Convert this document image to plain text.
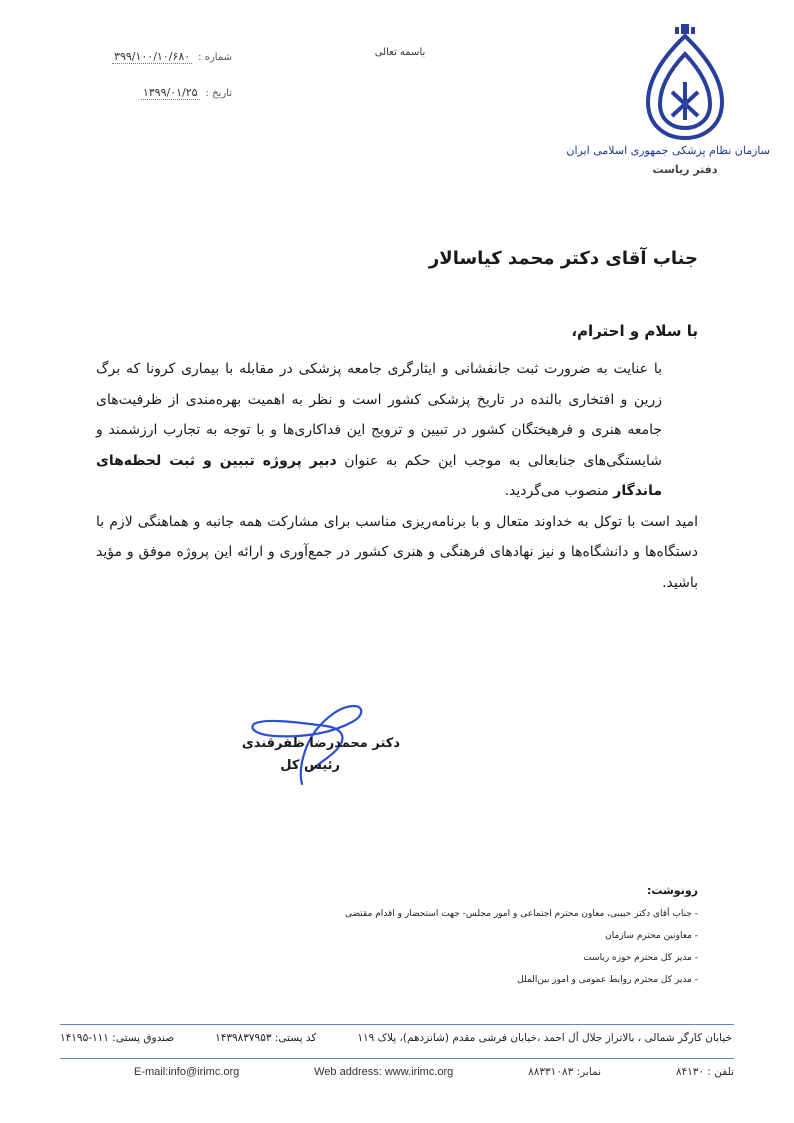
سازمان نظام پزشکی جمهوری اسلامی ایران
دفتر ریاست
باسمه تعالی
شماره :
۳۹۹/۱۰۰/۱۰/۶۸۰
تاریخ :
۱۳۹۹/۰۱/۲۵
جناب آقای دکتر محمد کیاسالار
با سلام و احترام،

با عنایت به ضرورت ثبت جانفشانی و ایثارگری جامعه پزشکی در مقابله با بیماری کرونا که برگ زرین و افتخاری بالنده در تاریخ پزشکی کشور است و نظر به اهمیت بهره‌مندی از ظرفیت‌های جامعه هنری و فرهیختگان کشور در تبیین و ترویج این فداکاری‌ها و با توجه به تجارب ارزشمند و شایستگی‌های جنابعالی به موجب این حکم به عنوان دبیر پروژه تبیین و ثبت لحظه‌های ماندگار منصوب می‌گردید.

امید است با توکل به خداوند متعال و با برنامه‌ریزی مناسب برای مشارکت همه جانبه و هماهنگی لازم با دستگاه‌ها و دانشگاه‌ها و نیز نهادهای فرهنگی و هنری کشور در جمع‌آوری و ارائه این پروژه موفق و مؤید باشید.

دکتر محمدرضا ظفرقندی
رئیس کل
رونوشت:
- جناب آقای دکتر حبیبی، معاون محترم اجتماعی و امور مجلس- جهت استحضار و اقدام مقتضی
- معاونین محترم سازمان
- مدیر کل محترم حوزه ریاست
- مدیر کل محترم روابط عمومی و امور بین‌الملل
خیابان کارگر شمالی ، بالاتراز جلال آل احمد ،خیابان فرشی مقدم (شانزدهم)، پلاک ۱۱۹
کد پستی: ۱۴۳۹۸۳۷۹۵۳
صندوق پستی: ۱۱۱-۱۴۱۹۵
E-mail:info@irimc.org	Web address: www.irimc.org	نمابر: ۸۸۳۳۱۰۸۳	تلفن : ۸۴۱۳۰
